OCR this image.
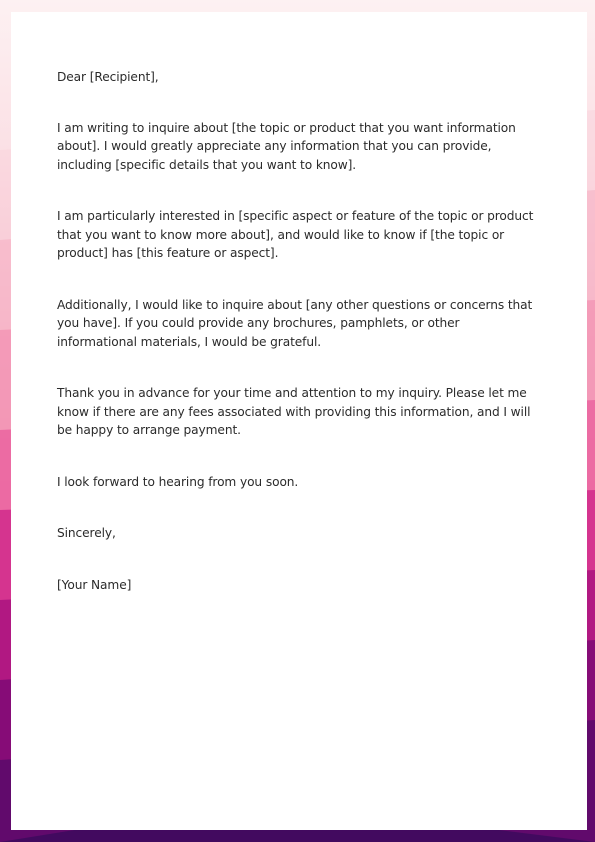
Dear [Recipient],

I am writing to inquire about [the topic or product that you want information about]. I would greatly appreciate any information that you can provide, including [specific details that you want to know].

I am particularly interested in [specific aspect or feature of the topic or product that you want to know more about], and would like to know if [the topic or product] has [this feature or aspect].

Additionally, I would like to inquire about [any other questions or concerns that you have]. If you could provide any brochures, pamphlets, or other informational materials, I would be grateful.

Thank you in advance for your time and attention to my inquiry. Please let me know if there are any fees associated with providing this information, and I will be happy to arrange payment.

I look forward to hearing from you soon.

Sincerely,

[Your Name]
